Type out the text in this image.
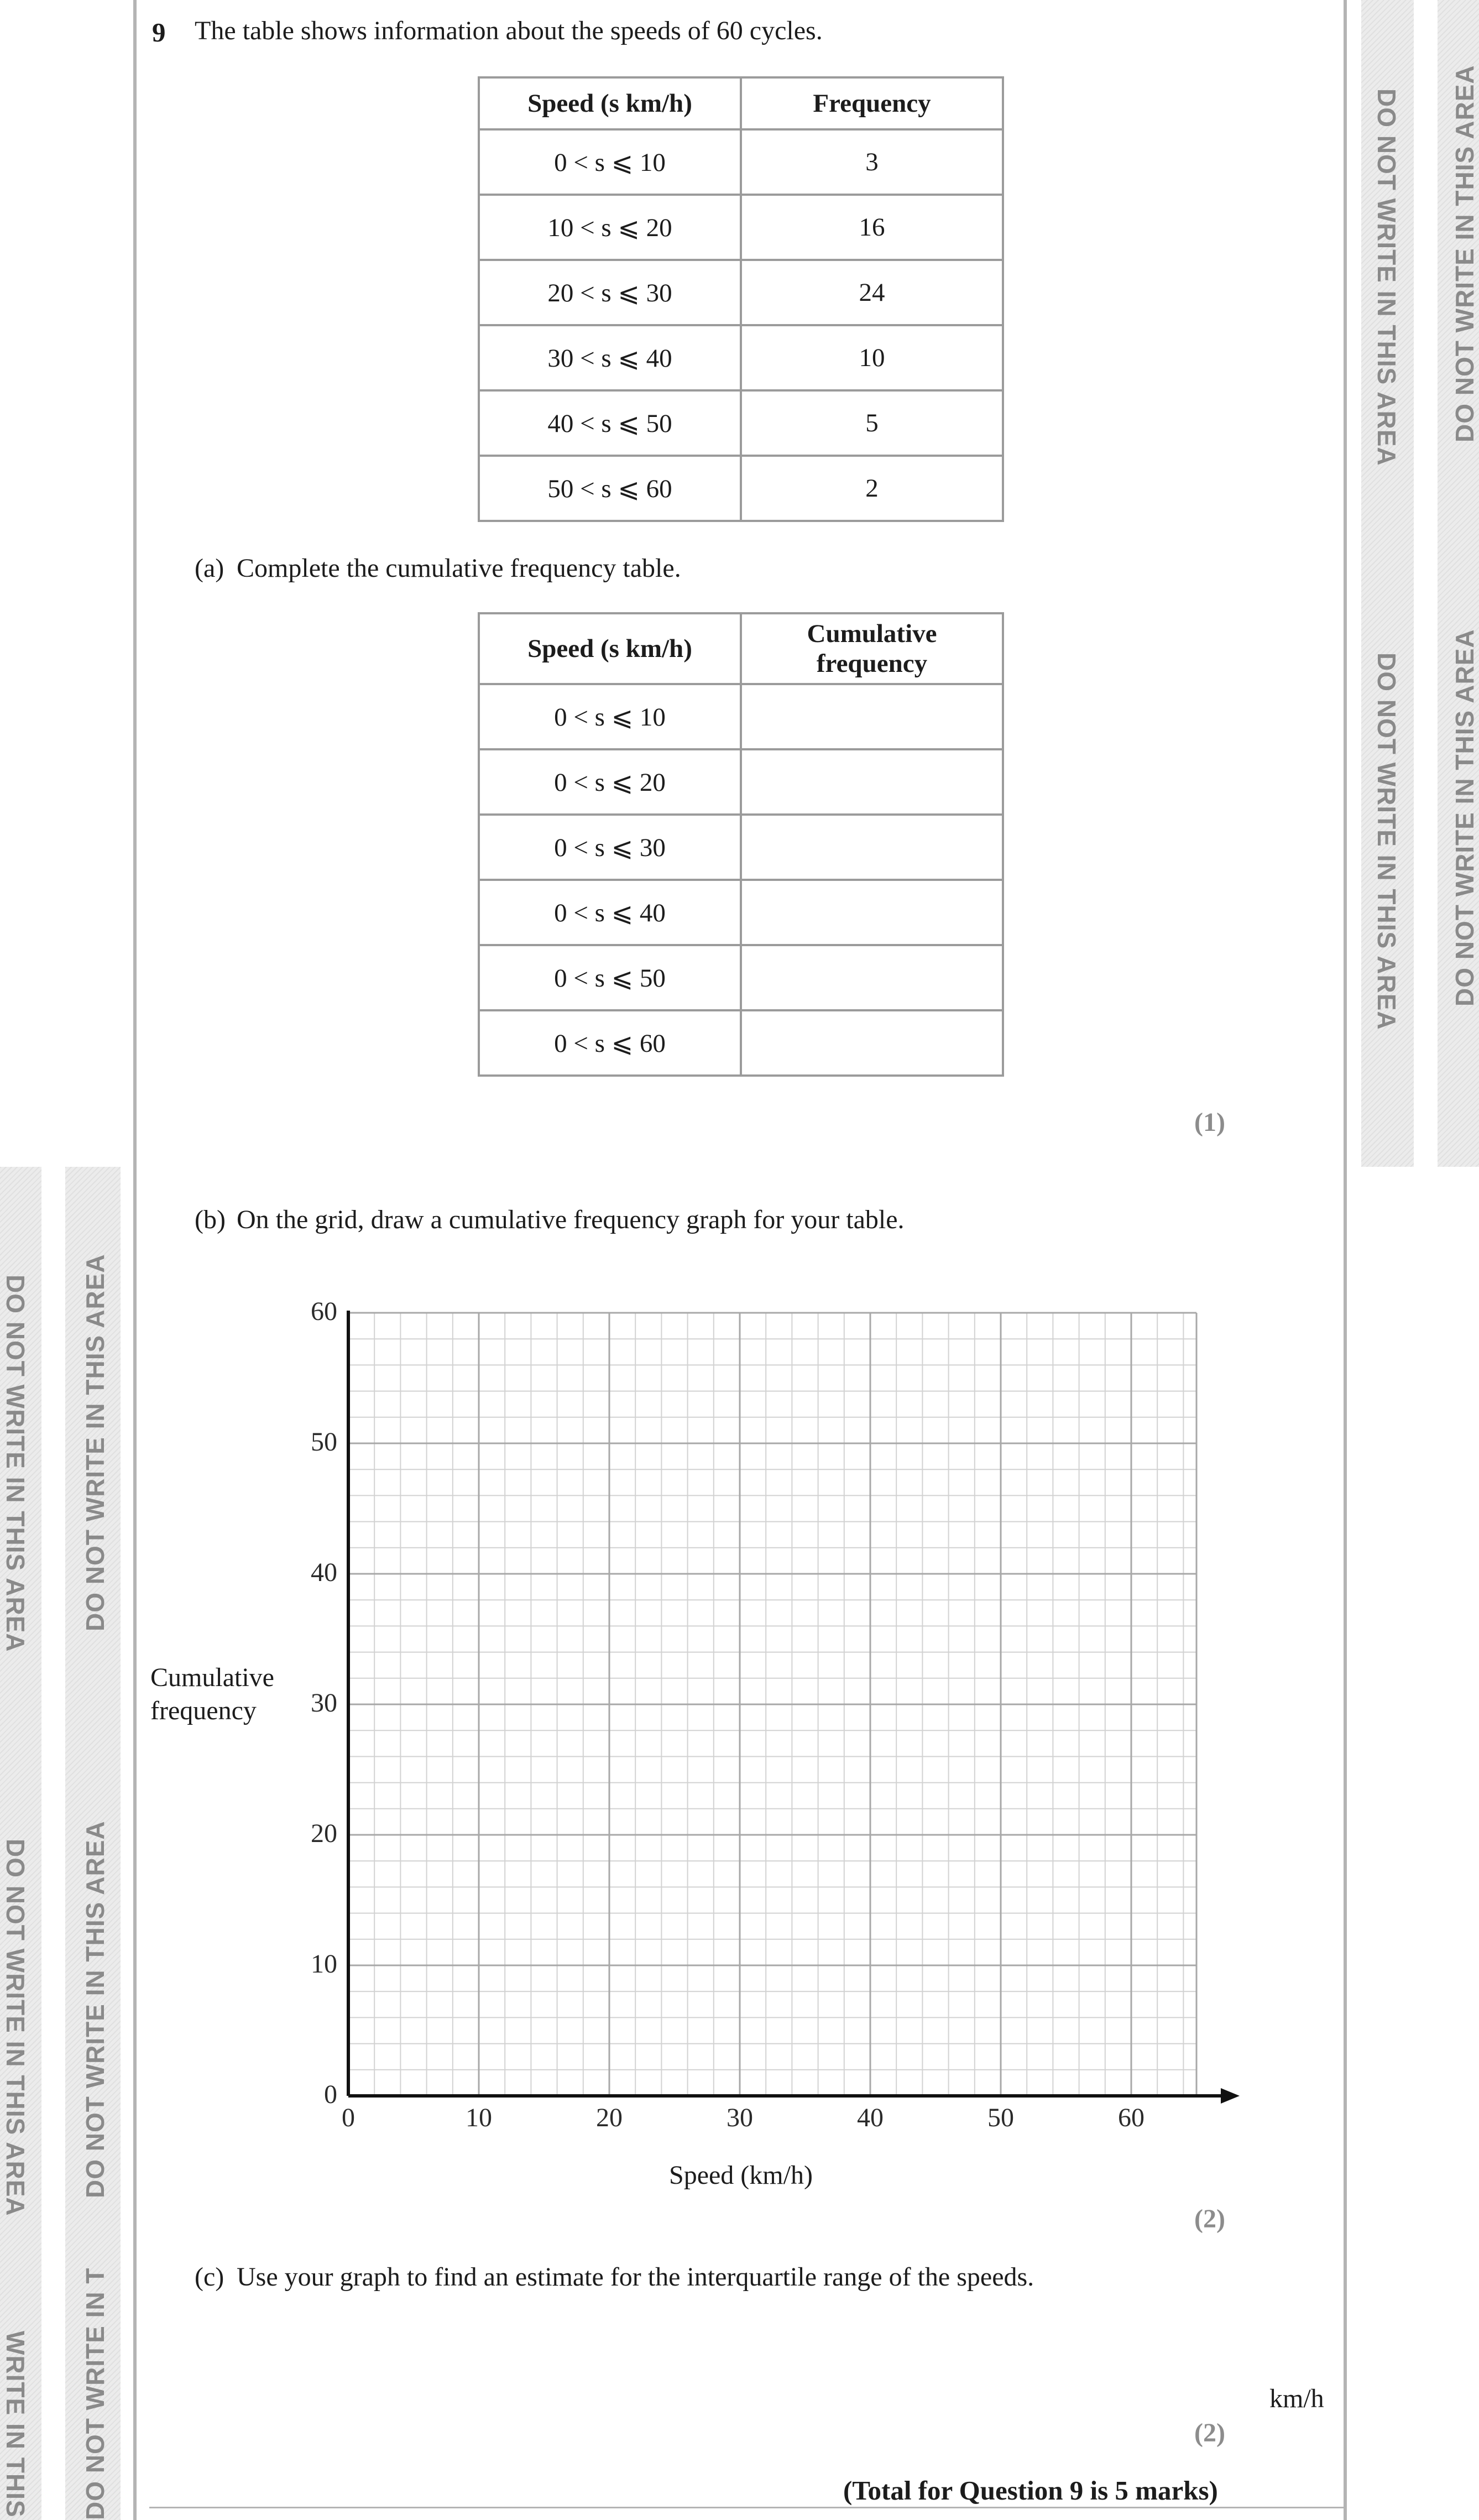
DO NOT WRITE IN THIS AREA
DO NOT WRITE IN THIS AREA
DO NOT WRITE IN THIS AREA
DO NOT WRITE IN THIS AREA
DO NOT WRITE IN THIS AREA
DO NOT WRITE IN THIS AREA
WRITE IN THIS
DO NOT WRITE IN THIS AREA
DO NOT WRITE IN THIS AREA
DO NOT WRITE IN T
9 The table shows information about the speeds of 60 cycles.
Speed (s km/h)	Frequency
0 < s ⩽ 10	3
10 < s ⩽ 20	16
20 < s ⩽ 30	24
30 < s ⩽ 40	10
40 < s ⩽ 50	5
50 < s ⩽ 60	2
(a) Complete the cumulative frequency table.
Speed (s km/h)	Cumulative
frequency

0 < s ⩽ 10	
0 < s ⩽ 20	
0 < s ⩽ 30	
0 < s ⩽ 40	
0 < s ⩽ 50	
0 < s ⩽ 60	
(1)
(b) On the grid, draw a cumulative frequency graph for your table.
Cumulative
frequency
0
10
20
30
40
50
60
0	10	20	30	40	50	60
Speed (km/h)
(2)
(c) Use your graph to find an estimate for the interquartile range of the speeds.
km/h
(2)
(Total for Question 9 is 5 marks)
